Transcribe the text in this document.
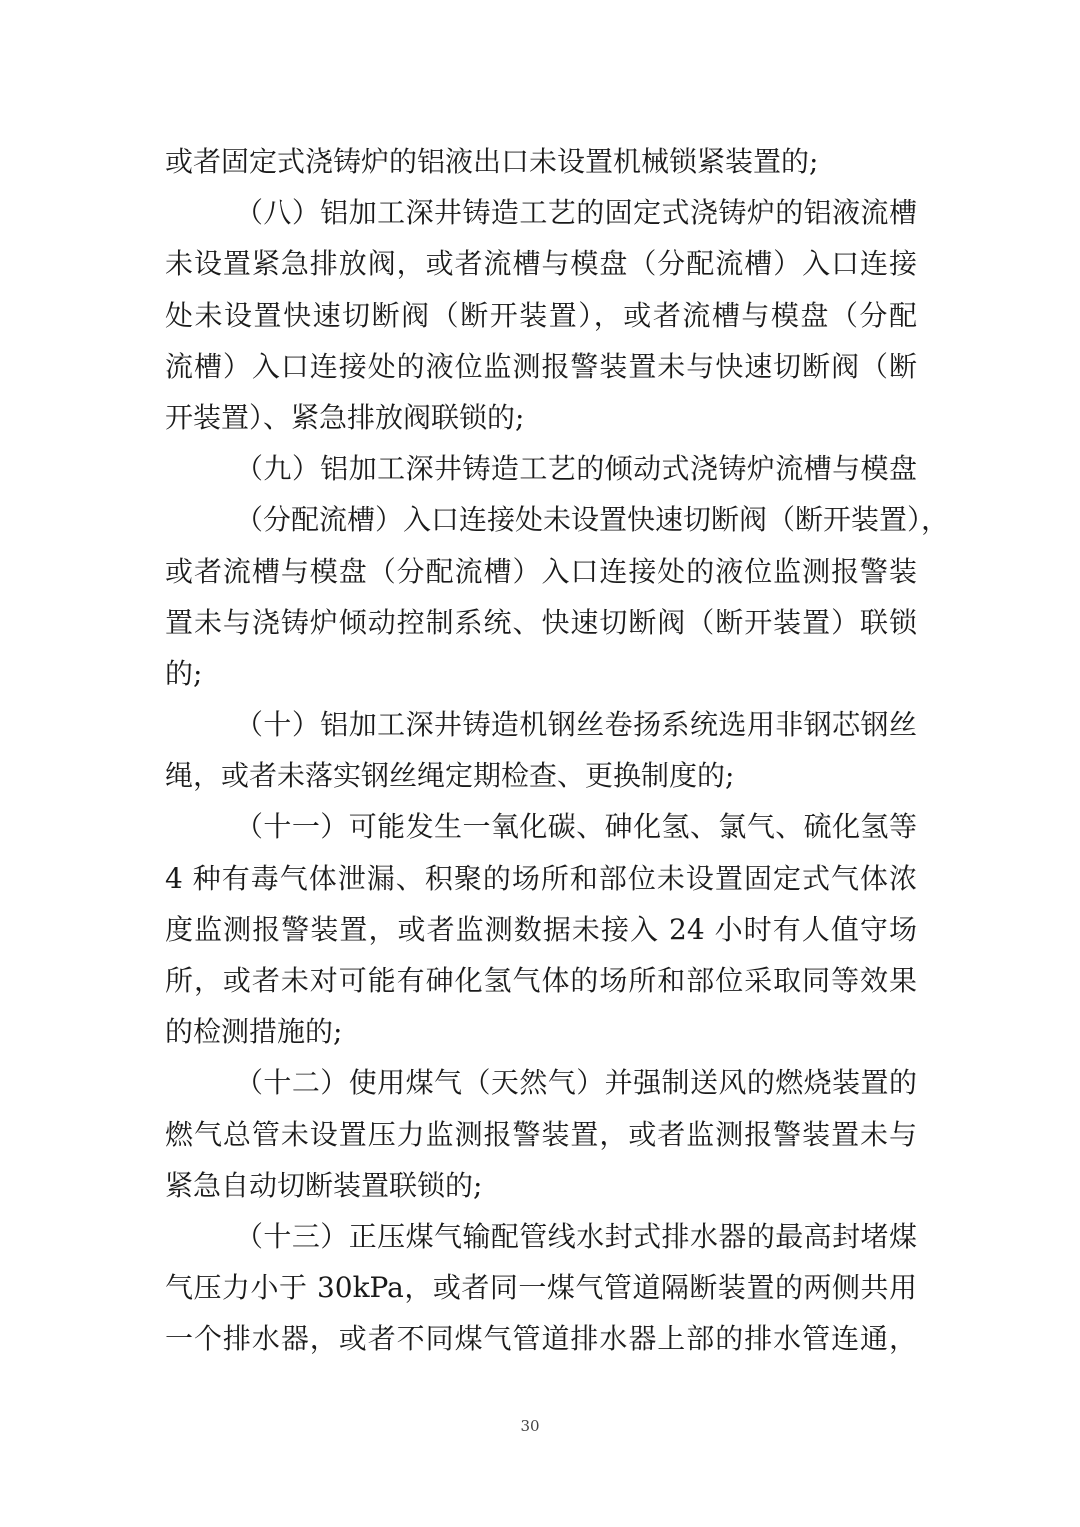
或者固定式浇铸炉的铝液出口未设置机械锁紧装置的;
（八）铝加工深井铸造工艺的固定式浇铸炉的铝液流槽
未设置紧急排放阀，或者流槽与模盘（分配流槽）入口连接
处未设置快速切断阀（断开装置），或者流槽与模盘（分配
流槽）入口连接处的液位监测报警装置未与快速切断阀（断
开装置）、紧急排放阀联锁的;
（九）铝加工深井铸造工艺的倾动式浇铸炉流槽与模盘
（分配流槽）入口连接处未设置快速切断阀（断开装置），
或者流槽与模盘（分配流槽）入口连接处的液位监测报警装
置未与浇铸炉倾动控制系统、快速切断阀（断开装置）联锁
的;
（十）铝加工深井铸造机钢丝卷扬系统选用非钢芯钢丝
绳，或者未落实钢丝绳定期检查、更换制度的;
（十一）可能发生一氧化碳、砷化氢、氯气、硫化氢等
4 种有毒气体泄漏、积聚的场所和部位未设置固定式气体浓
度监测报警装置，或者监测数据未接入 24 小时有人值守场
所，或者未对可能有砷化氢气体的场所和部位采取同等效果
的检测措施的;
（十二）使用煤气（天然气）并强制送风的燃烧装置的
燃气总管未设置压力监测报警装置，或者监测报警装置未与
紧急自动切断装置联锁的;
（十三）正压煤气输配管线水封式排水器的最高封堵煤
气压力小于 30kPa，或者同一煤气管道隔断装置的两侧共用
一个排水器，或者不同煤气管道排水器上部的排水管连通，
30
